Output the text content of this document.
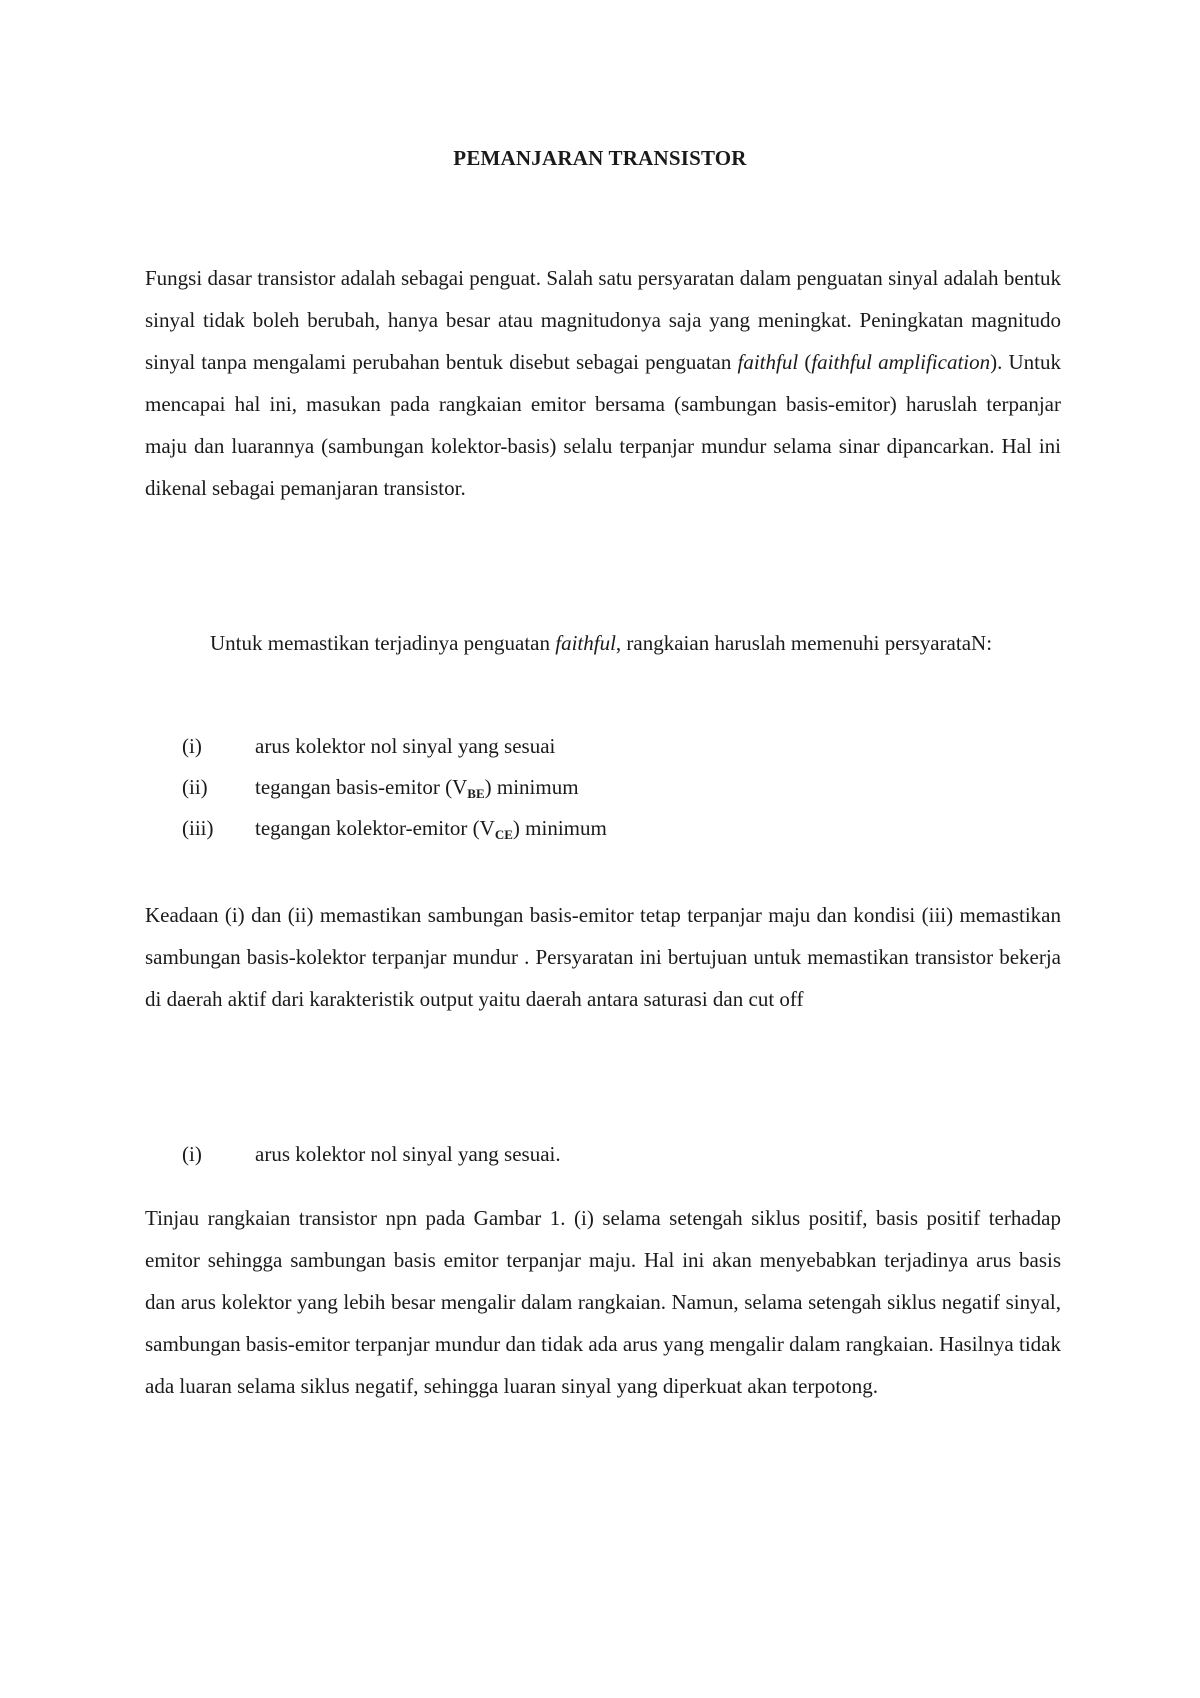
PEMANJARAN TRANSISTOR

Fungsi dasar transistor adalah sebagai penguat. Salah satu persyaratan dalam penguatan sinyal adalah bentuk sinyal tidak boleh berubah, hanya besar atau magnitudonya saja yang meningkat. Peningkatan magnitudo sinyal tanpa mengalami perubahan bentuk disebut sebagai penguatan faithful (faithful amplification). Untuk mencapai hal ini, masukan pada rangkaian emitor bersama (sambungan basis-emitor) haruslah terpanjar maju dan luarannya (sambungan kolektor-basis) selalu terpanjar mundur selama sinar dipancarkan. Hal ini dikenal sebagai pemanjaran transistor.

Untuk memastikan terjadinya penguatan faithful, rangkaian haruslah memenuhi persyarataN:

(i)	arus kolektor nol sinyal yang sesuai
(ii)	tegangan basis-emitor $(V_{BE})$ minimum
(iii)	tegangan kolektor-emitor $(V_{CE})$ minimum

Keadaan (i) dan (ii) memastikan sambungan basis-emitor tetap terpanjar maju dan kondisi (iii) memastikan sambungan basis-kolektor terpanjar mundur . Persyaratan ini bertujuan untuk memastikan transistor bekerja di daerah aktif dari karakteristik output yaitu daerah antara saturasi dan cut off

(i)	arus kolektor nol sinyal yang sesuai.

Tinjau rangkaian transistor npn pada Gambar 1. (i) selama setengah siklus positif, basis positif terhadap emitor sehingga sambungan basis emitor terpanjar maju. Hal ini akan menyebabkan terjadinya arus basis dan arus kolektor yang lebih besar mengalir dalam rangkaian. Namun, selama setengah siklus negatif sinyal, sambungan basis-emitor terpanjar mundur dan tidak ada arus yang mengalir dalam rangkaian. Hasilnya tidak ada luaran selama siklus negatif, sehingga luaran sinyal yang diperkuat akan terpotong.
